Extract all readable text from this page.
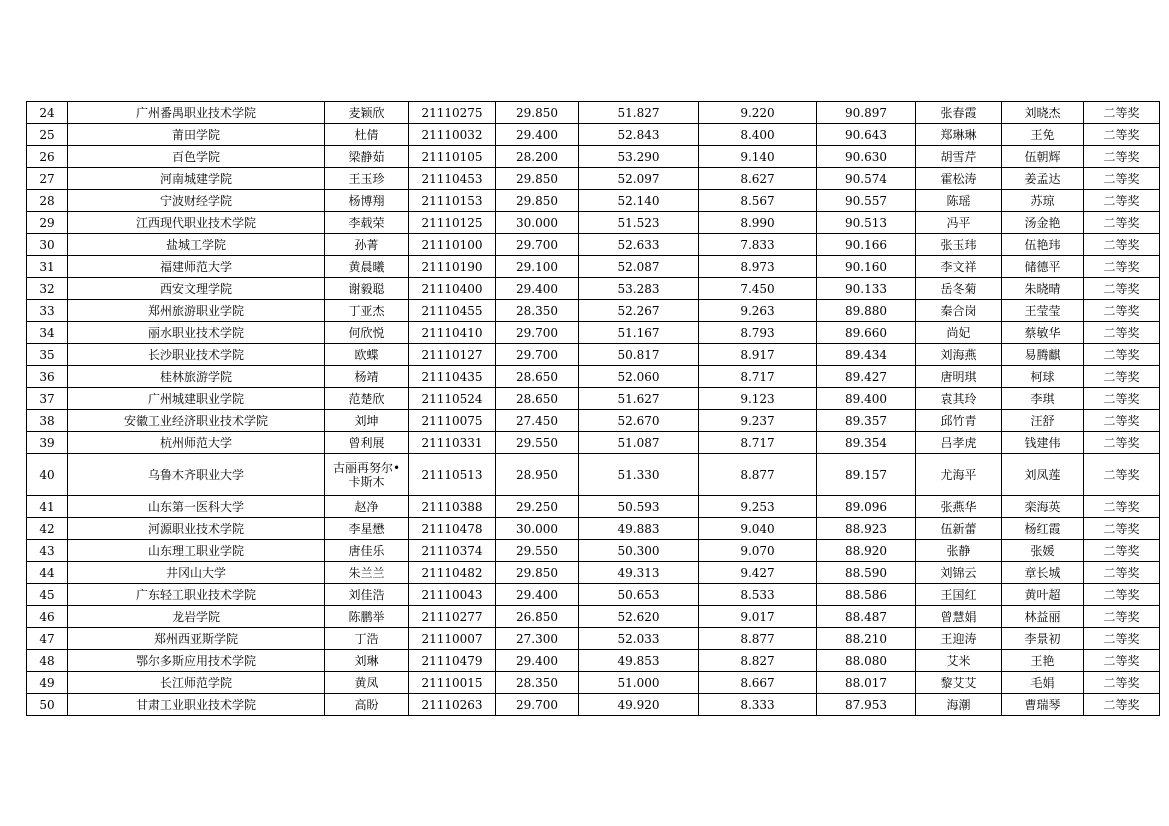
24	广州番禺职业技术学院	麦颖欣	21110275	29.850	51.827	9.220	90.897	张春霞	刘晓杰	二等奖
25	莆田学院	杜倩	21110032	29.400	52.843	8.400	90.643	郑琳琳	王免	二等奖
26	百色学院	梁静茹	21110105	28.200	53.290	9.140	90.630	胡雪芹	伍朝辉	二等奖
27	河南城建学院	王玉珍	21110453	29.850	52.097	8.627	90.574	霍松涛	姜孟达	二等奖
28	宁波财经学院	杨博翔	21110153	29.850	52.140	8.567	90.557	陈瑶	苏琼	二等奖
29	江西现代职业技术学院	李载荣	21110125	30.000	51.523	8.990	90.513	冯平	汤金艳	二等奖
30	盐城工学院	孙菁	21110100	29.700	52.633	7.833	90.166	张玉玮	伍艳玮	二等奖
31	福建师范大学	黄晨曦	21110190	29.100	52.087	8.973	90.160	李文祥	储德平	二等奖
32	西安文理学院	谢毅聪	21110400	29.400	53.283	7.450	90.133	岳冬菊	朱晓晴	二等奖
33	郑州旅游职业学院	丁亚杰	21110455	28.350	52.267	9.263	89.880	秦合岗	王莹莹	二等奖
34	丽水职业技术学院	何欣悦	21110410	29.700	51.167	8.793	89.660	尚妃	蔡敏华	二等奖
35	长沙职业技术学院	欧蝶	21110127	29.700	50.817	8.917	89.434	刘海燕	易腾麒	二等奖
36	桂林旅游学院	杨靖	21110435	28.650	52.060	8.717	89.427	唐明琪	柯球	二等奖
37	广州城建职业学院	范楚欣	21110524	28.650	51.627	9.123	89.400	袁其玲	李琪	二等奖
38	安徽工业经济职业技术学院	刘坤	21110075	27.450	52.670	9.237	89.357	邱竹青	汪舒	二等奖
39	杭州师范大学	曾利展	21110331	29.550	51.087	8.717	89.354	吕孝虎	钱建伟	二等奖
40	乌鲁木齐职业大学	古丽再努尔•卡斯木	21110513	28.950	51.330	8.877	89.157	尤海平	刘凤莲	二等奖
41	山东第一医科大学	赵净	21110388	29.250	50.593	9.253	89.096	张燕华	栾海英	二等奖
42	河源职业技术学院	李星懋	21110478	30.000	49.883	9.040	88.923	伍新蕾	杨红霞	二等奖
43	山东理工职业学院	唐佳乐	21110374	29.550	50.300	9.070	88.920	张静	张媛	二等奖
44	井冈山大学	朱兰兰	21110482	29.850	49.313	9.427	88.590	刘锦云	章长城	二等奖
45	广东轻工职业技术学院	刘佳浩	21110043	29.400	50.653	8.533	88.586	王国红	黄叶超	二等奖
46	龙岩学院	陈鹏举	21110277	26.850	52.620	9.017	88.487	曾慧娟	林益丽	二等奖
47	郑州西亚斯学院	丁浩	21110007	27.300	52.033	8.877	88.210	王迎涛	李景初	二等奖
48	鄂尔多斯应用技术学院	刘琳	21110479	29.400	49.853	8.827	88.080	艾米	王艳	二等奖
49	长江师范学院	黄凤	21110015	28.350	51.000	8.667	88.017	黎艾艾	毛娟	二等奖
50	甘肃工业职业技术学院	高盼	21110263	29.700	49.920	8.333	87.953	海潮	曹瑞琴	二等奖
